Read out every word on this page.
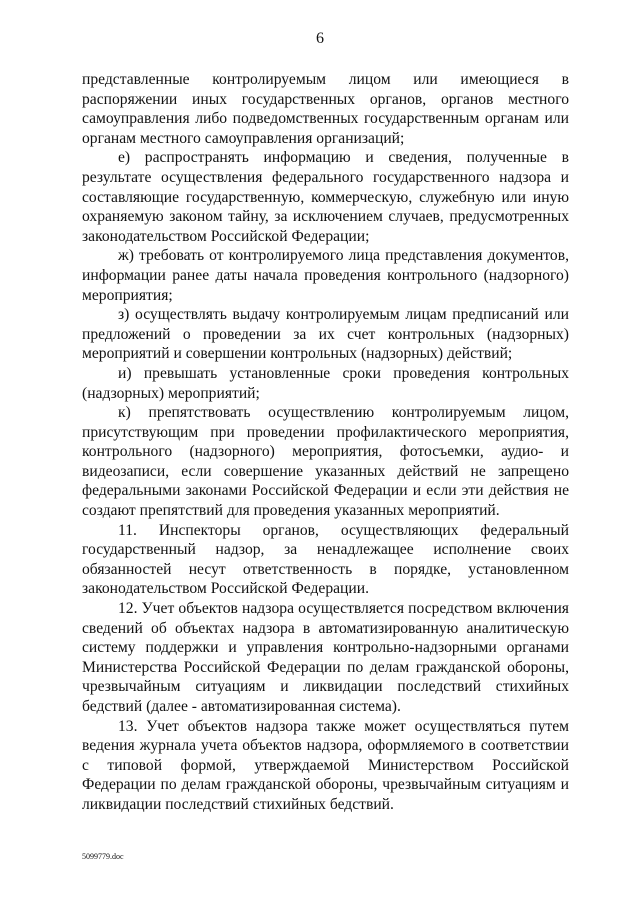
6

представленные контролируемым лицом или имеющиеся в распоряжении иных государственных органов, органов местного самоуправления либо подведомственных государственным органам или органам местного самоуправления организаций;

е) распространять информацию и сведения, полученные в результате осуществления федерального государственного надзора и составляющие государственную, коммерческую, служебную или иную охраняемую законом тайну, за исключением случаев, предусмотренных законодательством Российской Федерации;

ж) требовать от контролируемого лица представления документов, информации ранее даты начала проведения контрольного (надзорного) мероприятия;

з) осуществлять выдачу контролируемым лицам предписаний или предложений о проведении за их счет контрольных (надзорных) мероприятий и совершении контрольных (надзорных) действий;

и) превышать установленные сроки проведения контрольных (надзорных) мероприятий;

к) препятствовать осуществлению контролируемым лицом, присутствующим при проведении профилактического мероприятия, контрольного (надзорного) мероприятия, фотосъемки, аудио- и видеозаписи, если совершение указанных действий не запрещено федеральными законами Российской Федерации и если эти действия не создают препятствий для проведения указанных мероприятий.

11. Инспекторы органов, осуществляющих федеральный государственный надзор, за ненадлежащее исполнение своих обязанностей несут ответственность в порядке, установленном законодательством Российской Федерации.

12. Учет объектов надзора осуществляется посредством включения сведений об объектах надзора в автоматизированную аналитическую систему поддержки и управления контрольно-надзорными органами Министерства Российской Федерации по делам гражданской обороны, чрезвычайным ситуациям и ликвидации последствий стихийных бедствий (далее - автоматизированная система).

13. Учет объектов надзора также может осуществляться путем ведения журнала учета объектов надзора, оформляемого в соответствии с типовой формой, утверждаемой Министерством Российской Федерации по делам гражданской обороны, чрезвычайным ситуациям и ликвидации последствий стихийных бедствий.

5099779.doc
